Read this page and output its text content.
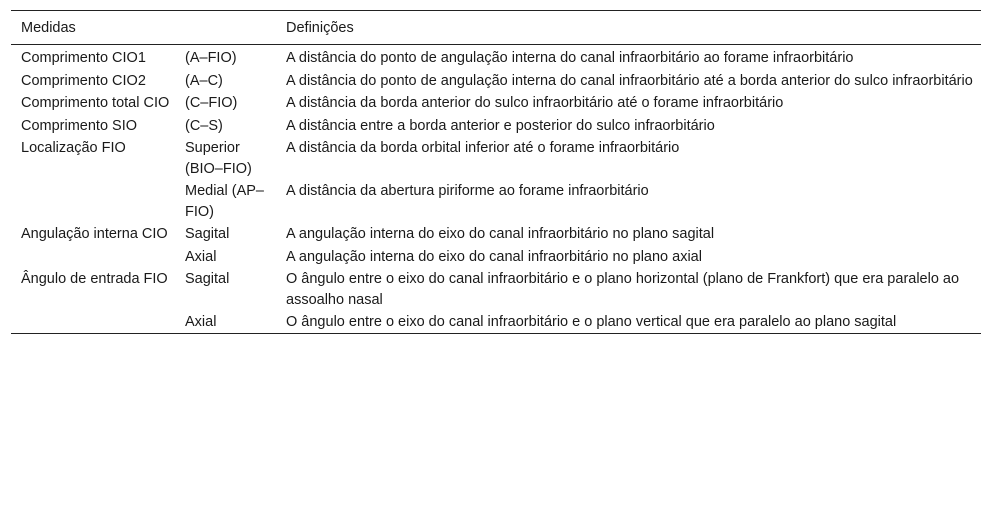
Medidas		Definições
Comprimento CIO1	(A–FIO)	A distância do ponto de angulação interna do canal infraorbitário ao forame infraorbitário
Comprimento CIO2	(A–C)	A distância do ponto de angulação interna do canal infraorbitário até a borda anterior do sulco infraorbitário
Comprimento total CIO	(C–FIO)	A distância da borda anterior do sulco infraorbitário até o forame infraorbitário
Comprimento SIO	(C–S)	A distância entre a borda anterior e posterior do sulco infraorbitário
Localização FIO	Superior (BIO–FIO)	A distância da borda orbital inferior até o forame infraorbitário
	Medial (AP–FIO)	A distância da abertura piriforme ao forame infraorbitário
Angulação interna CIO	Sagital	A angulação interna do eixo do canal infraorbitário no plano sagital
	Axial	A angulação interna do eixo do canal infraorbitário no plano axial
Ângulo de entrada FIO	Sagital	O ângulo entre o eixo do canal infraorbitário e o plano horizontal (plano de Frankfort) que era paralelo ao assoalho nasal
	Axial	O ângulo entre o eixo do canal infraorbitário e o plano vertical que era paralelo ao plano sagital
